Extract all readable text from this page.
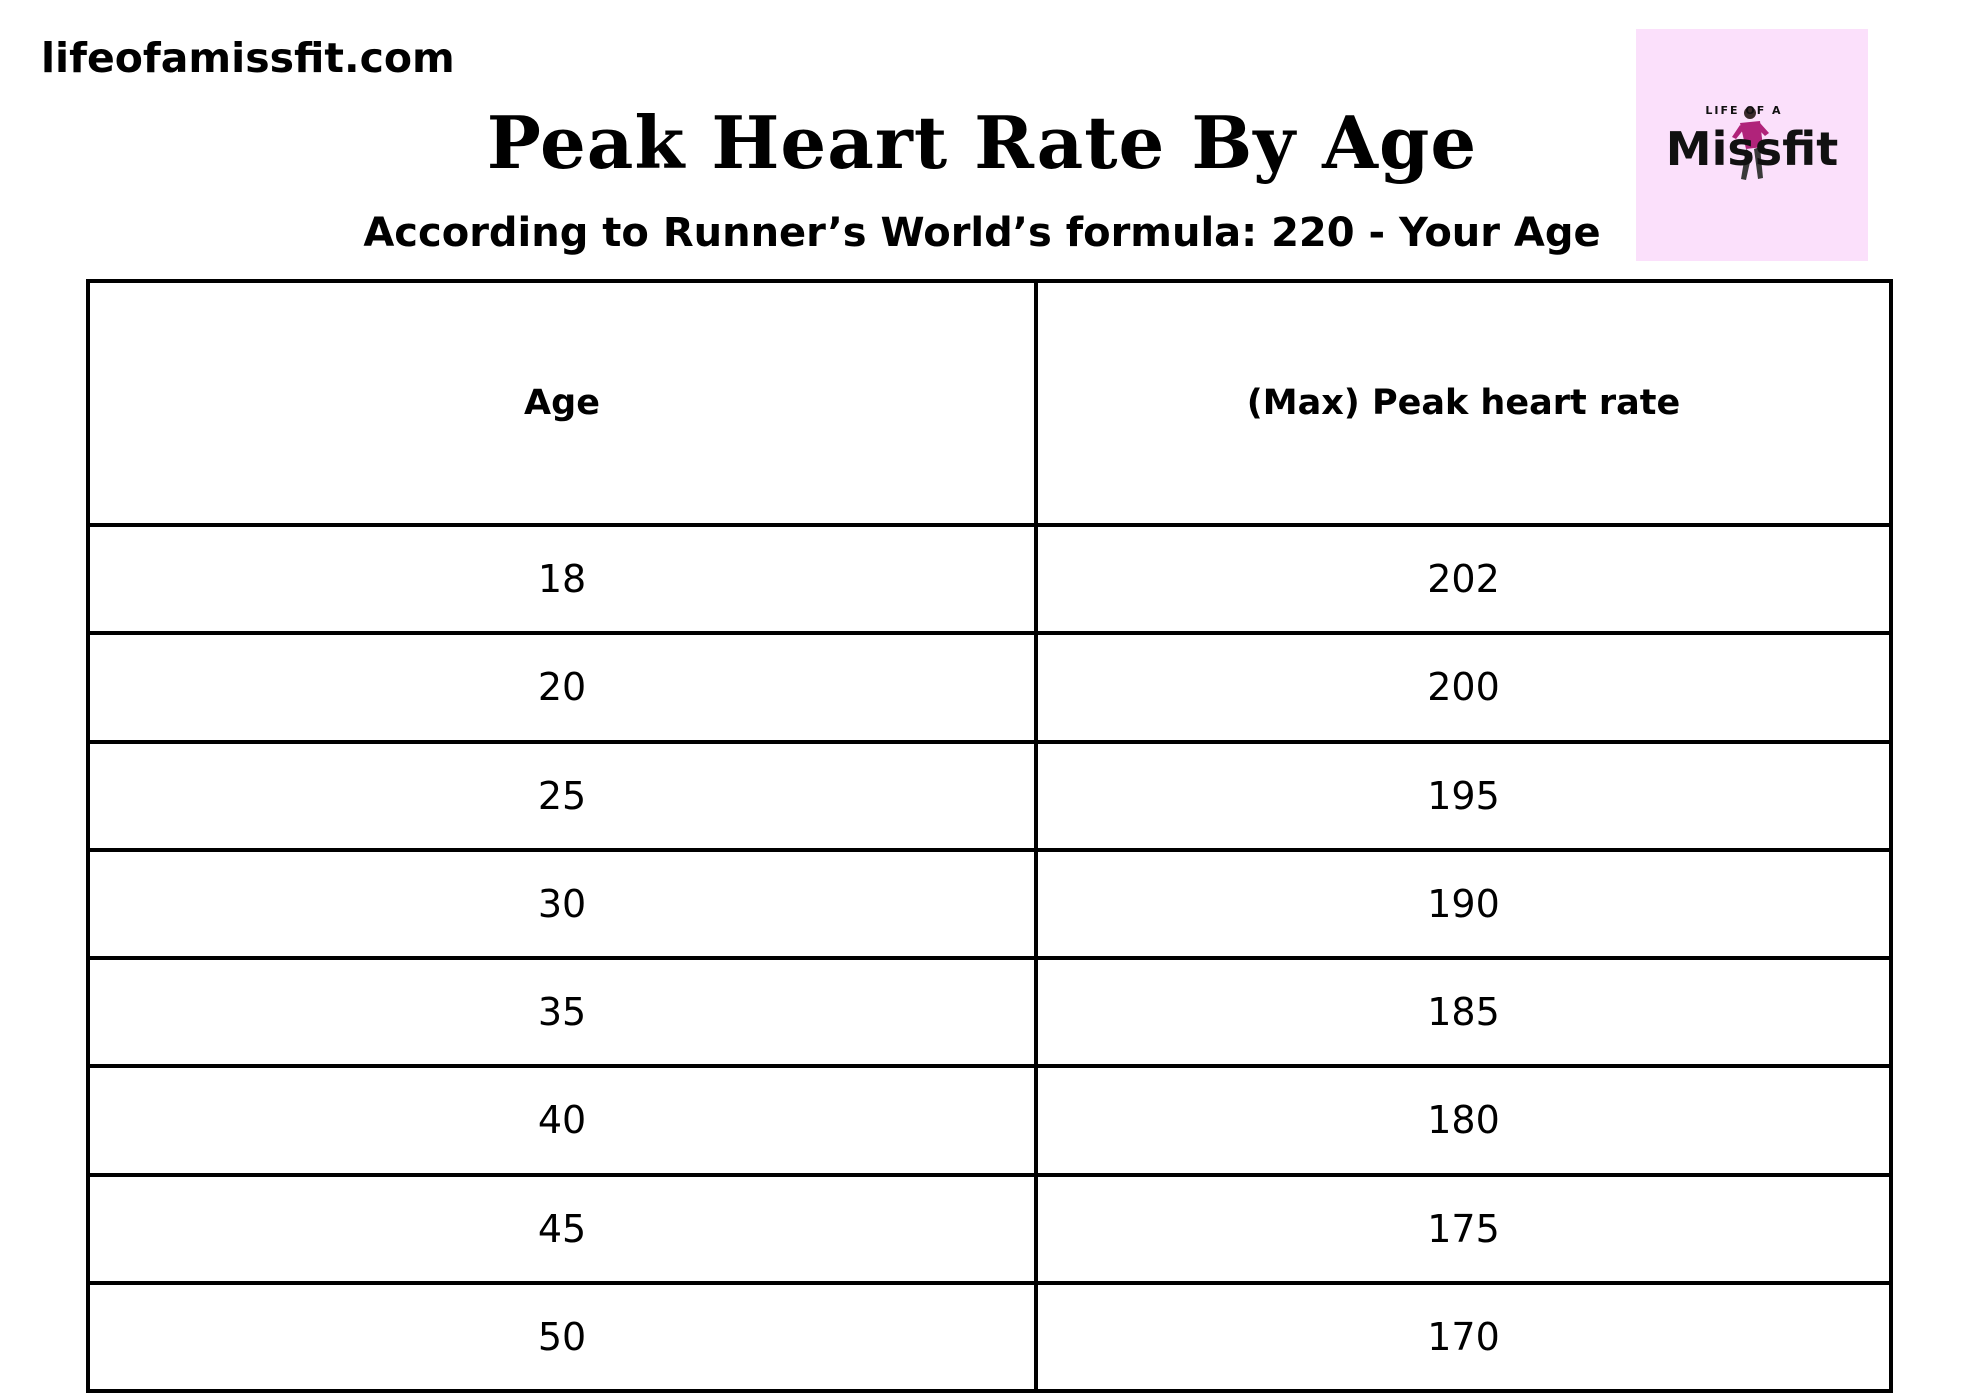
lifeofamissfit.com
Peak Heart Rate By Age
According to Runner’s World’s formula: 220 - Your Age
LIFE OF A
Missfit
Age	(Max) Peak heart rate
18	202
20	200
25	195
30	190
35	185
40	180
45	175
50	170
